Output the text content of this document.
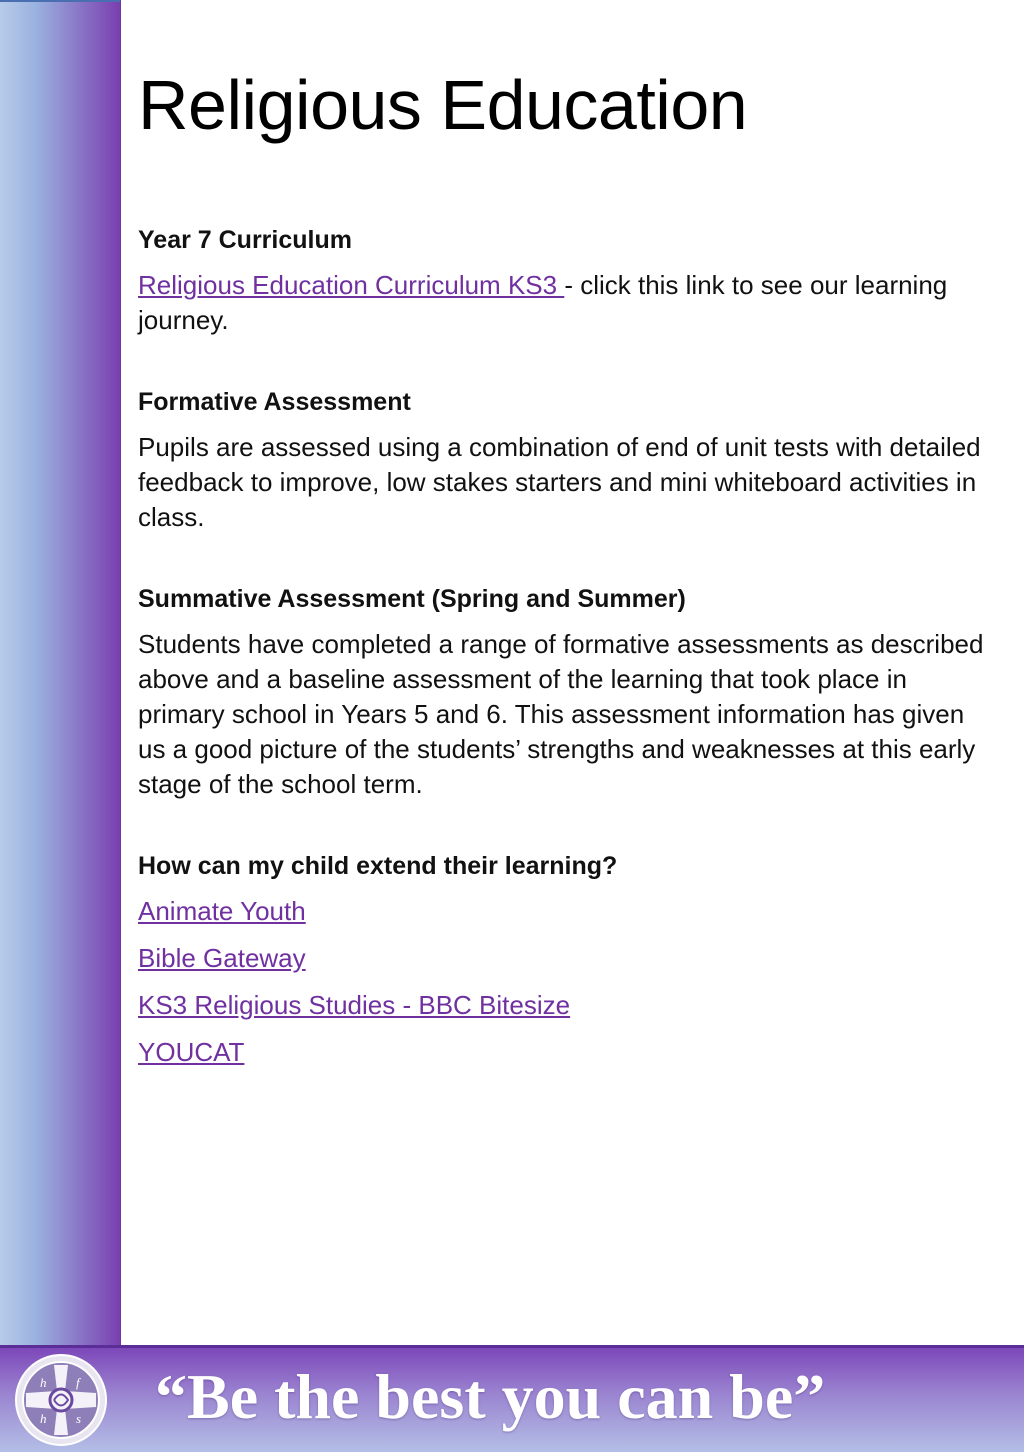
Religious Education

Year 7 Curriculum

Religious Education Curriculum KS3 - click this link to see our learning journey.

Formative Assessment

Pupils are assessed using a combination of end of unit tests with detailed feedback to improve, low stakes starters and mini whiteboard activities in class.

Summative Assessment (Spring and Summer)

Students have completed a range of formative assessments as described above and a baseline assessment of the learning that took place in primary school in Years 5 and 6. This assessment information has given us a good picture of the students’ strengths and weaknesses at this early stage of the school term.

How can my child extend their learning?

Animate Youth
Bible Gateway
KS3 Religious Studies - BBC Bitesize
YOUCAT
h f
h s “Be the best you can be”
